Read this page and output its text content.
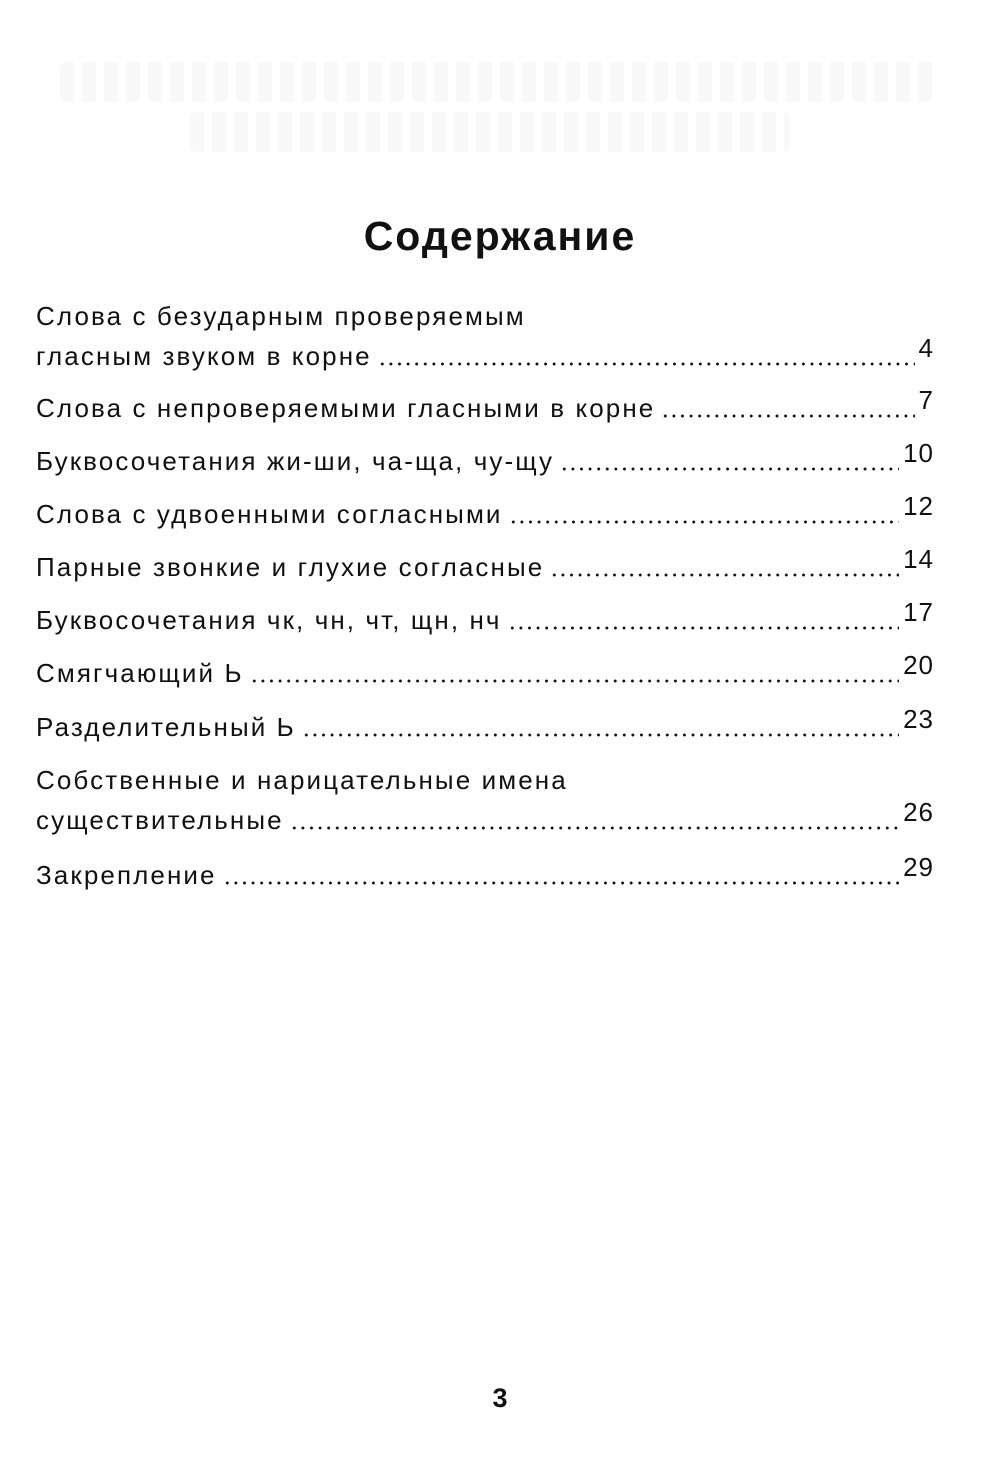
Содержание
Слова с безударным проверяемым
гласным звуком в корне	4
Слова с непроверяемыми гласными в корне	7
Буквосочетания жи-ши, ча-ща, чу-щу	10
Слова с удвоенными согласными	12
Парные звонкие и глухие согласные	14
Буквосочетания чк, чн, чт, щн, нч	17
Смягчающий Ь	20
Разделительный Ь	23
Собственные и нарицательные имена
существительные	26
Закрепление	29
3
